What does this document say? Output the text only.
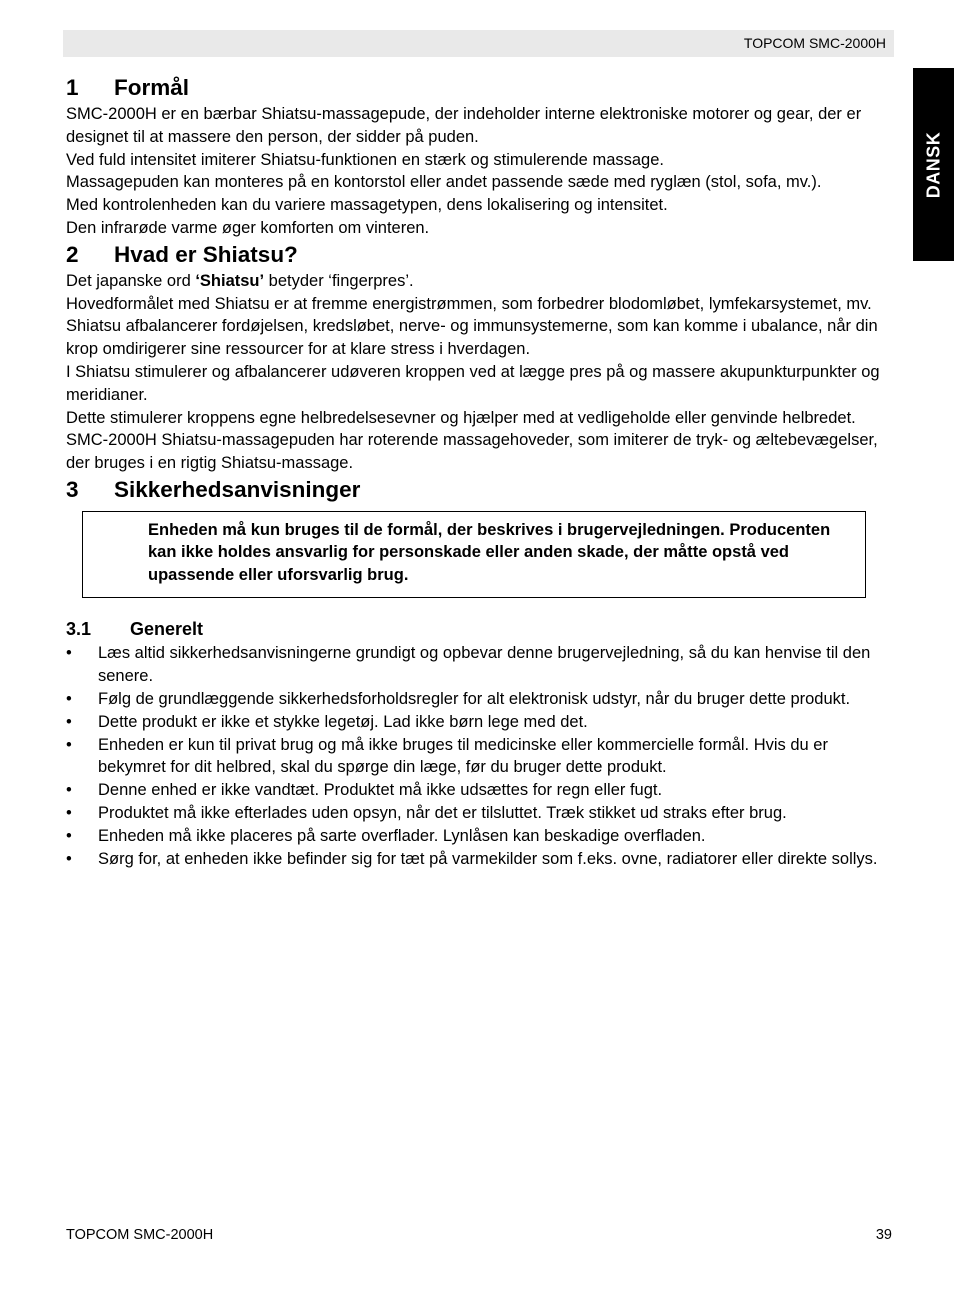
TOPCOM SMC-2000H
DANSK
1	Formål

SMC-2000H er en bærbar Shiatsu-massagepude, der indeholder interne elektroniske motorer og gear, der er designet til at massere den person, der sidder på puden.

Ved fuld intensitet imiterer Shiatsu-funktionen en stærk og stimulerende massage.

Massagepuden kan monteres på en kontorstol eller andet passende sæde med ryglæn (stol, sofa, mv.).

Med kontrolenheden kan du variere massagetypen, dens lokalisering og intensitet.

Den infrarøde varme øger komforten om vinteren.

2	Hvad er Shiatsu?

Det japanske ord ‘Shiatsu’ betyder ‘fingerpres’.

Hovedformålet med Shiatsu er at fremme energistrømmen, som forbedrer blodomløbet, lymfekarsystemet, mv. Shiatsu afbalancerer fordøjelsen, kredsløbet, nerve- og immunsystemerne, som kan komme i ubalance, når din krop omdirigerer sine ressourcer for at klare stress i hverdagen.

I Shiatsu stimulerer og afbalancerer udøveren kroppen ved at lægge pres på og massere akupunkturpunkter og meridianer.

Dette stimulerer kroppens egne helbredelsesevner og hjælper med at vedligeholde eller genvinde helbredet.

SMC-2000H Shiatsu-massagepuden har roterende massagehoveder, som imiterer de tryk- og æltebevægelser, der bruges i en rigtig Shiatsu-massage.

3	Sikkerhedsanvisninger
Enheden må kun bruges til de formål, der beskrives i brugervejledningen. Producenten kan ikke holdes ansvarlig for personskade eller anden skade, der måtte opstå ved upassende eller uforsvarlig brug.
3.1	Generelt
• Læs altid sikkerhedsanvisningerne grundigt og opbevar denne brugervejledning, så du kan henvise til den senere.
• Følg de grundlæggende sikkerhedsforholdsregler for alt elektronisk udstyr, når du bruger dette produkt.
• Dette produkt er ikke et stykke legetøj. Lad ikke børn lege med det.
• Enheden er kun til privat brug og må ikke bruges til medicinske eller kommercielle formål. Hvis du er bekymret for dit helbred, skal du spørge din læge, før du bruger dette produkt.
• Denne enhed er ikke vandtæt. Produktet må ikke udsættes for regn eller fugt.
• Produktet må ikke efterlades uden opsyn, når det er tilsluttet. Træk stikket ud straks efter brug.
• Enheden må ikke placeres på sarte overflader. Lynlåsen kan beskadige overfladen.
• Sørg for, at enheden ikke befinder sig for tæt på varmekilder som f.eks. ovne, radiatorer eller direkte sollys.
TOPCOM SMC-2000H	39
